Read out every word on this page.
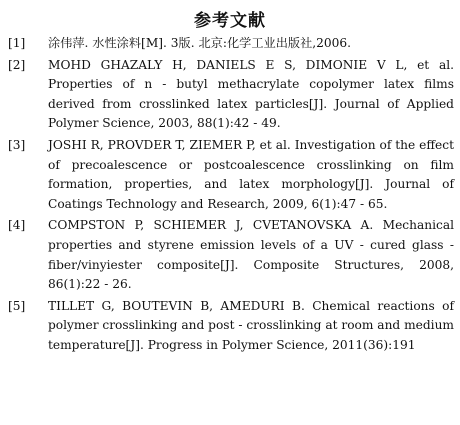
参考文献
[1]	涂伟萍. 水性涂料[M]. 3版. 北京:化学工业出版社,2006.
[2]	MOHD GHAZALY H, DANIELS E S, DIMONIE V L, et al. Properties of n - butyl methacrylate copolymer latex films derived from crosslinked latex particles[J]. Journal of Applied Polymer Science, 2003, 88(1):42 - 49.
[3]	JOSHI R, PROVDER T, ZIEMER P, et al. Investigation of the effect of precoalescence or postcoalescence crosslinking on film formation, properties, and latex morphology[J]. Journal of Coatings Technology and Research, 2009, 6(1):47 - 65.
[4]	COMPSTON P, SCHIEMER J, CVETANOVSKA A. Mechanical properties and styrene emission levels of a UV - cured glass - fiber/vinyiester composite[J]. Composite Structures, 2008, 86(1):22 - 26.
[5]	TILLET G, BOUTEVIN B, AMEDURI B. Chemical reactions of polymer crosslinking and post - crosslinking at room and medium temperature[J]. Progress in Polymer Science, 2011(36):191
